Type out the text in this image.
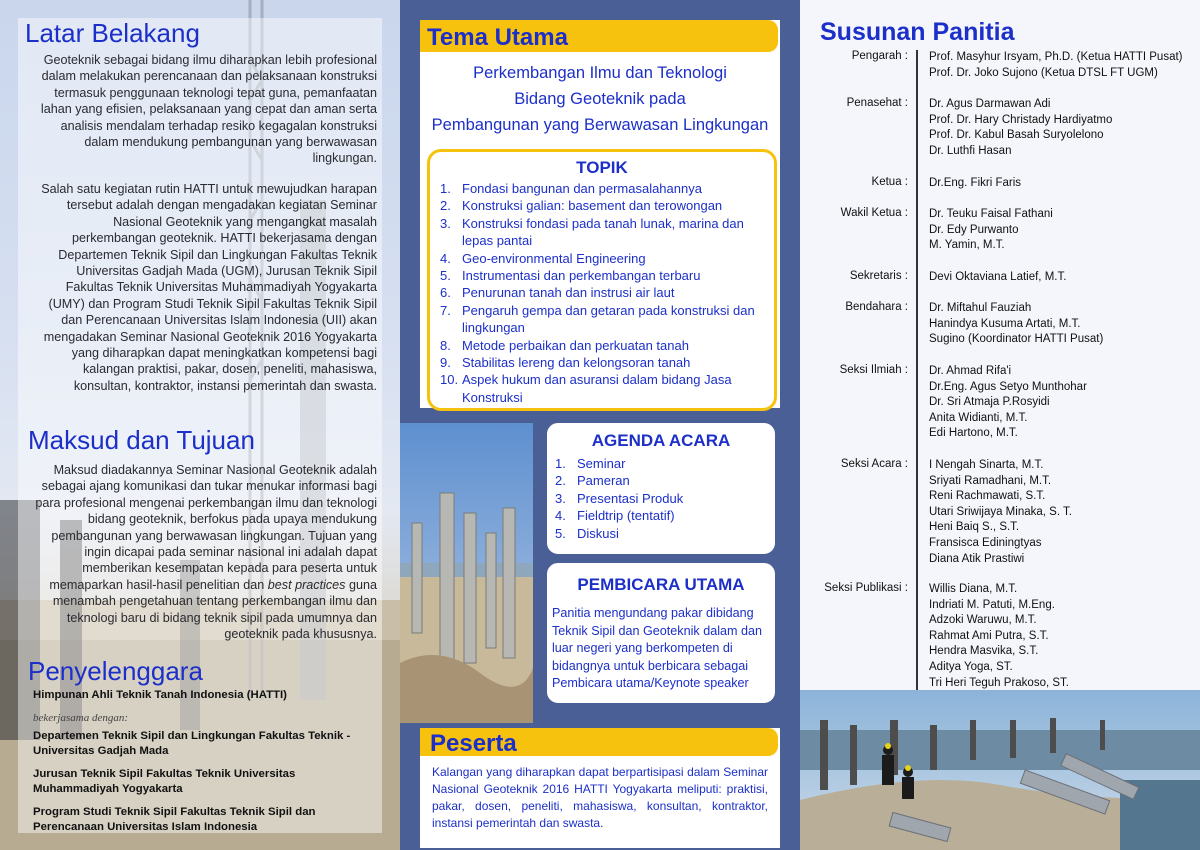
Latar Belakang

Geoteknik sebagai bidang ilmu diharapkan lebih profesional dalam melakukan perencanaan dan pelaksanaan konstruksi termasuk penggunaan teknologi tepat guna, pemanfaatan lahan yang efisien, pelaksanaan yang cepat dan aman serta analisis mendalam terhadap resiko kegagalan konstruksi dalam mendukung pembangunan yang berwawasan lingkungan.

Salah satu kegiatan rutin HATTI untuk mewujudkan harapan tersebut adalah dengan mengadakan kegiatan Seminar Nasional Geoteknik yang mengangkat masalah perkembangan geoteknik. HATTI bekerjasama dengan Departemen Teknik Sipil dan Lingkungan Fakultas Teknik Universitas Gadjah Mada (UGM), Jurusan Teknik Sipil Fakultas Teknik Universitas Muhammadiyah Yogyakarta (UMY) dan Program Studi Teknik Sipil Fakultas Teknik Sipil dan Perencanaan Universitas Islam Indonesia (UII) akan mengadakan Seminar Nasional Geoteknik 2016 Yogyakarta yang diharapkan dapat meningkatkan kompetensi bagi kalangan praktisi, pakar, dosen, peneliti, mahasiswa, konsultan, kontraktor, instansi pemerintah dan swasta.

Maksud dan Tujuan

Maksud diadakannya Seminar Nasional Geoteknik adalah sebagai ajang komunikasi dan tukar menukar informasi bagi para profesional mengenai perkembangan ilmu dan teknologi bidang geoteknik, berfokus pada upaya mendukung pembangunan yang berwawasan lingkungan. Tujuan yang ingin dicapai pada seminar nasional ini adalah dapat memberikan kesempatan kepada para peserta untuk memaparkan hasil-hasil penelitian dan best practices guna menambah pengetahuan tentang perkembangan ilmu dan teknologi baru di bidang teknik sipil pada umumnya dan geoteknik pada khususnya.

Penyelenggara

Himpunan Ahli Teknik Tanah Indonesia (HATTI)

bekerjasama dengan:

Departemen Teknik Sipil dan Lingkungan Fakultas Teknik - Universitas Gadjah Mada

Jurusan Teknik Sipil Fakultas Teknik Universitas Muhammadiyah Yogyakarta

Program Studi Teknik Sipil Fakultas Teknik Sipil dan Perencanaan Universitas Islam Indonesia

Tema Utama

Perkembangan Ilmu dan Teknologi

Bidang Geoteknik pada

Pembangunan yang Berwawasan Lingkungan

TOPIK

1. Fondasi bangunan dan permasalahannya
2. Konstruksi galian: basement dan terowongan
3. Konstruksi fondasi pada tanah lunak, marina dan lepas pantai
4. Geo-environmental Engineering
5. Instrumentasi dan perkembangan terbaru
6. Penurunan tanah dan instrusi air laut
7. Pengaruh gempa dan getaran pada konstruksi dan lingkungan
8. Metode perbaikan dan perkuatan tanah
9. Stabilitas lereng dan kelongsoran tanah
10. Aspek hukum dan asuransi dalam bidang Jasa Konstruksi

AGENDA ACARA

1. Seminar
2. Pameran
3. Presentasi Produk
4. Fieldtrip (tentatif)
5. Diskusi

PEMBICARA UTAMA

Panitia mengundang pakar dibidang Teknik Sipil dan Geoteknik dalam dan luar negeri yang berkompeten di bidangnya untuk berbicara sebagai Pembicara utama/Keynote speaker

Peserta

Kalangan yang diharapkan dapat berpartisipasi dalam Seminar Nasional Geoteknik 2016 HATTI Yogyakarta meliputi: praktisi, pakar, dosen, peneliti, mahasiswa, konsultan, kontraktor, instansi pemerintah dan swasta.

Susunan Panitia

Pengarah : Prof. Masyhur Irsyam, Ph.D. (Ketua HATTI Pusat)
Prof. Dr. Joko Sujono (Ketua DTSL FT UGM)

Penasehat : Dr. Agus Darmawan Adi
Prof. Dr. Hary Christady Hardiyatmo
Prof. Dr. Kabul Basah Suryolelono
Dr. Luthfi Hasan

Ketua : Dr.Eng. Fikri Faris

Wakil Ketua : Dr. Teuku Faisal Fathani
Dr. Edy Purwanto
M. Yamin, M.T.

Sekretaris : Devi Oktaviana Latief, M.T.

Bendahara : Dr. Miftahul Fauziah
Hanindya Kusuma Artati, M.T.
Sugino (Koordinator HATTI Pusat)

Seksi Ilmiah : Dr. Ahmad Rifa'i
Dr.Eng. Agus Setyo Munthohar
Dr. Sri Atmaja P.Rosyidi
Anita Widianti, M.T.
Edi Hartono, M.T.

Seksi Acara : I Nengah Sinarta, M.T.
Sriyati Ramadhani, M.T.
Reni Rachmawati, S.T.
Utari Sriwijaya Minaka, S. T.
Heni Baiq S., S.T.
Fransisca Ediningtyas
Diana Atik Prastiwi

Seksi Publikasi : Willis Diana, M.T.
Indriati M. Patuti, M.Eng.
Adzoki Waruwu, M.T.
Rahmat Ami Putra, S.T.
Hendra Masvika, S.T.
Aditya Yoga, ST.
Tri Heri Teguh Prakoso, ST.
